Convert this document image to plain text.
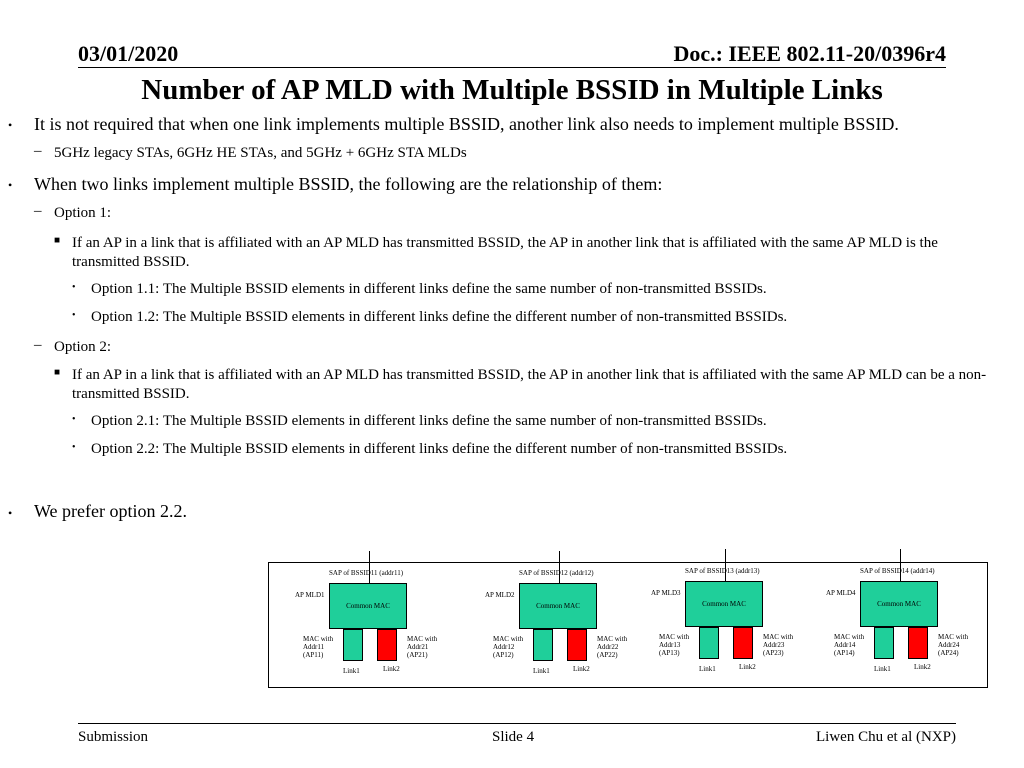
03/01/2020	Doc.: IEEE 802.11-20/0396r4
Number of AP MLD with Multiple BSSID in Multiple Links
• It is not required that when one link implements multiple BSSID, another link also needs to implement multiple BSSID.
– 5GHz legacy STAs, 6GHz HE STAs, and 5GHz + 6GHz STA MLDs
• When two links implement multiple BSSID, the following are the relationship of them:
– Option 1:
■ If an AP in a link that is affiliated with an AP MLD has transmitted BSSID, the AP in another link that is affiliated with the same AP MLD is the transmitted BSSID.
• Option 1.1: The Multiple BSSID elements in different links define the same number of non-transmitted BSSIDs.
• Option 1.2: The Multiple BSSID elements in different links define the different number of non-transmitted BSSIDs.
– Option 2:
■ If an AP in a link that is affiliated with an AP MLD has transmitted BSSID, the AP in another link that is affiliated with the same AP MLD can be a non-transmitted BSSID.
• Option 2.1: The Multiple BSSID elements in different links define the same number of non-transmitted BSSIDs.
• Option 2.2: The Multiple BSSID elements in different links define the different number of non-transmitted BSSIDs.
• We prefer option 2.2.
SAP of BSSID11 (addr11)
AP MLD1
Common MAC
MAC with
Addr11
(AP11)
MAC with
Addr21
(AP21)
Link1	Link2
SAP of BSSID12 (addr12)
AP MLD2
Common MAC
MAC with
Addr12
(AP12)
MAC with
Addr22
(AP22)
Link1	Link2
SAP of BSSID13 (addr13)
AP MLD3
Common MAC
MAC with
Addr13
(AP13)
MAC with
Addr23
(AP23)
Link1	Link2
SAP of BSSID14 (addr14)
AP MLD4
Common MAC
MAC with
Addr14
(AP14)
MAC with
Addr24
(AP24)
Link1	Link2
Submission	Slide 4	Liwen Chu et al (NXP)
